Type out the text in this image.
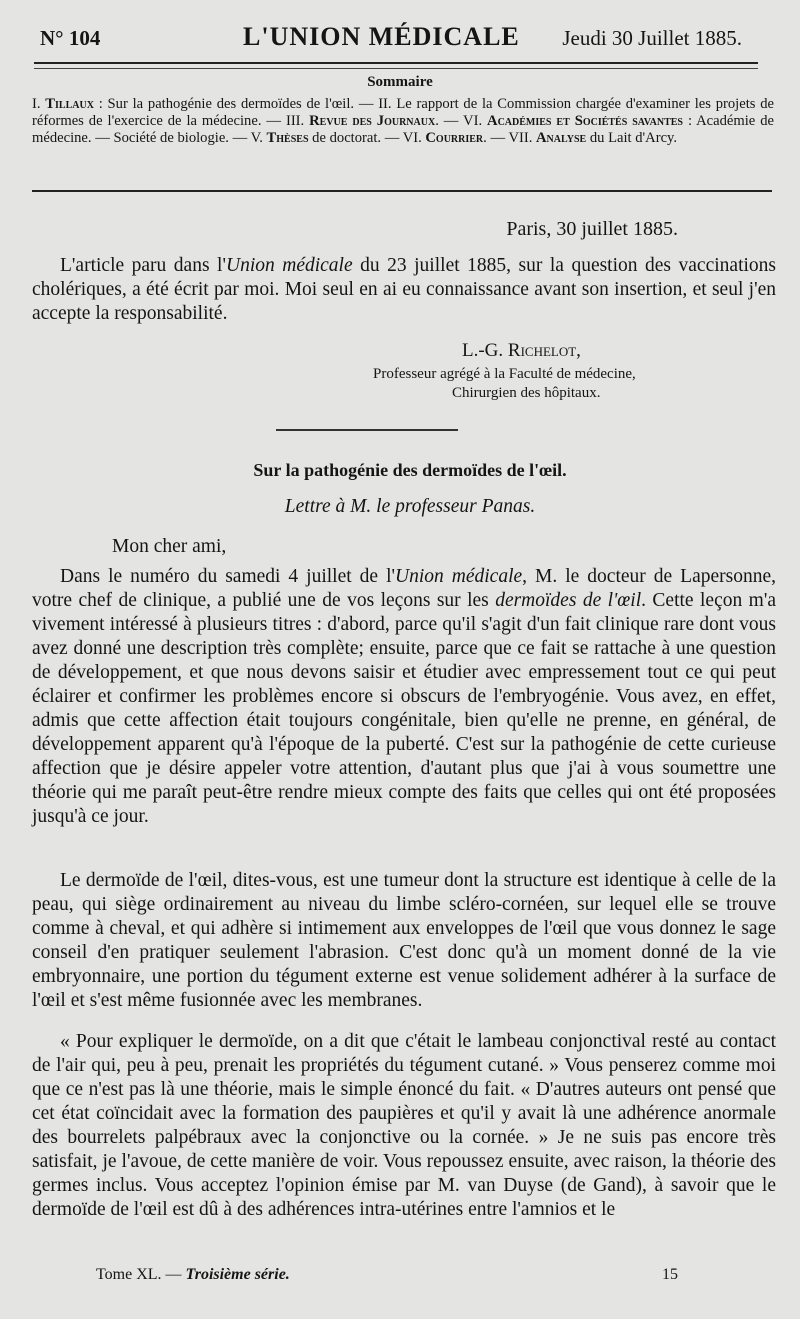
N° 104	L'UNION MÉDICALE Jeudi 30 Juillet 1885.
Sommaire
I. Tillaux : Sur la pathogénie des dermoïdes de l'œil. — II. Le rapport de la Commission chargée d'examiner les projets de réformes de l'exercice de la médecine. — III. Revue des Journaux. — VI. Académies et Sociétés savantes : Académie de médecine. — Société de biologie. — V. Thèses de doctorat. — VI. Courrier. — VII. Analyse du Lait d'Arcy.
Paris, 30 juillet 1885.
L'article paru dans l'Union médicale du 23 juillet 1885, sur la question des vaccinations cholériques, a été écrit par moi. Moi seul en ai eu connaissance avant son insertion, et seul j'en accepte la responsabilité.
L.-G. Richelot,
Professeur agrégé à la Faculté de médecine,
Chirurgien des hôpitaux.
Sur la pathogénie des dermoïdes de l'œil.
Lettre à M. le professeur Panas.
Mon cher ami,
Dans le numéro du samedi 4 juillet de l'Union médicale, M. le docteur de Lapersonne, votre chef de clinique, a publié une de vos leçons sur les dermoïdes de l'œil. Cette leçon m'a vivement intéressé à plusieurs titres : d'abord, parce qu'il s'agit d'un fait clinique rare dont vous avez donné une description très complète; ensuite, parce que ce fait se rattache à une question de développement, et que nous devons saisir et étudier avec empressement tout ce qui peut éclairer et confirmer les problèmes encore si obscurs de l'embryogénie. Vous avez, en effet, admis que cette affection était toujours congénitale, bien qu'elle ne prenne, en général, de développement apparent qu'à l'époque de la puberté. C'est sur la pathogénie de cette curieuse affection que je désire appeler votre attention, d'autant plus que j'ai à vous soumettre une théorie qui me paraît peut-être rendre mieux compte des faits que celles qui ont été proposées jusqu'à ce jour.
Le dermoïde de l'œil, dites-vous, est une tumeur dont la structure est identique à celle de la peau, qui siège ordinairement au niveau du limbe scléro-cornéen, sur lequel elle se trouve comme à cheval, et qui adhère si intimement aux enveloppes de l'œil que vous donnez le sage conseil d'en pratiquer seulement l'abrasion. C'est donc qu'à un moment donné de la vie embryonnaire, une portion du tégument externe est venue solidement adhérer à la surface de l'œil et s'est même fusionnée avec les membranes.
« Pour expliquer le dermoïde, on a dit que c'était le lambeau conjonctival resté au contact de l'air qui, peu à peu, prenait les propriétés du tégument cutané. » Vous penserez comme moi que ce n'est pas là une théorie, mais le simple énoncé du fait. « D'autres auteurs ont pensé que cet état coïncidait avec la formation des paupières et qu'il y avait là une adhérence anormale des bourrelets palpébraux avec la conjonctive ou la cornée. » Je ne suis pas encore très satisfait, je l'avoue, de cette manière de voir. Vous repoussez ensuite, avec raison, la théorie des germes inclus. Vous acceptez l'opinion émise par M. van Duyse (de Gand), à savoir que le dermoïde de l'œil est dû à des adhérences intra-utérines entre l'amnios et le
Tome XL. — Troisième série.	15
